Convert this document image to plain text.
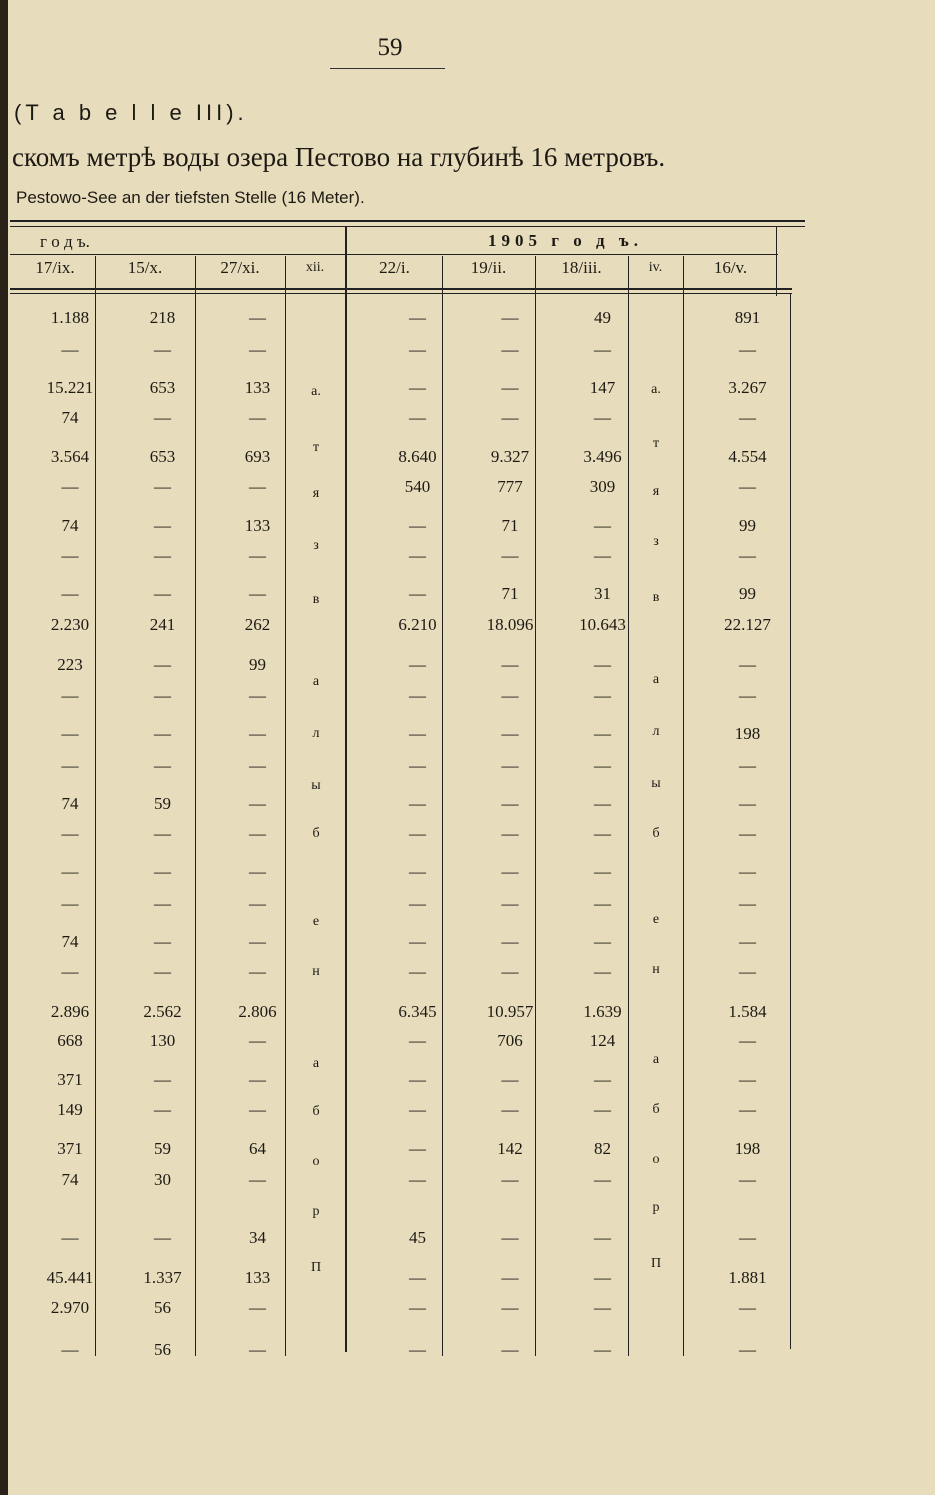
59
(T a b e l l e III).
скомъ метрѣ воды озера Пестово на глубинѣ 16 метровъ.
Pestowo-See an der tiefsten Stelle (16 Meter).
г о д ъ.	1905 г о д ъ.
17/ix.	15/x.	27/xi.	xii.	22/i.	19/ii.	18/iii.	iv.	16/v.
а.
т
я
з
в
а
л
ы
б
е
н
а
б
о
р
П
а.
т
я
з
в
а
л
ы
б
е
н
а
б
о
р
П
1.188	218	—	—	—	49	891
—	—	—	—	—	—	—
15.221	653	133	—	—	147	3.267
74	—	—	—	—	—	—
3.564	653	693	8.640	9.327	3.496	4.554
—	—	—	540	777	309	—
74	—	133	—	71	—	99
—	—	—	—	—	—	—
—	—	—	—	71	31	99
2.230	241	262	6.210	18.096	10.643	22.127
223	—	99	—	—	—	—
—	—	—	—	—	—	—
—	—	—	—	—	—	198
—	—	—	—	—	—	—
74	59	—	—	—	—	—
—	—	—	—	—	—	—
—	—	—	—	—	—	—
—	—	—	—	—	—	—
74	—	—	—	—	—	—
—	—	—	—	—	—	—
2.896	2.562	2.806	6.345	10.957	1.639	1.584
668	130	—	—	706	124	—
371	—	—	—	—	—	—
149	—	—	—	—	—	—
371	59	64	—	142	82	198
74	30	—	—	—	—	—
—	—	34	45	—	—	—
45.441	1.337	133	—	—	—	1.881
2.970	56	—	—	—	—	—
—	56	—	—	—	—	—
